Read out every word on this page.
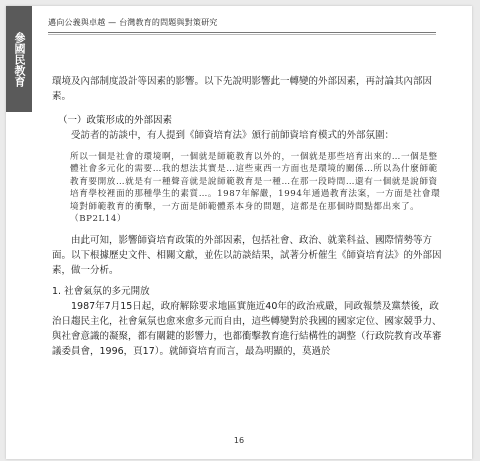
參國民教育
邁向公義與卓越 — 台灣教育的問題與對策研究

環境及內部制度設計等因素的影響。以下先說明影響此一轉變的外部因素，再討論其內部因素。

（一）政策形成的外部因素

受訪者的訪談中，有人提到《師資培育法》頒行前師資培育模式的外部氛圍：

所以一個是社會的環境啊，一個就是師範教育以外的，一個就是那些培育出來的…一個是整體社會多元化的需要…我的想法其實是…這些東西一方面也是環境的關係…所以為什麼師範教育要開放…就是有一種聲音就是說師範教育是一種…在那一段時間…還有一個就是說師資培育學校裡面的那種學生的素質…。1987年解嚴，1994年通過教育法案，一方面是社會環境對師範教育的衝擊，一方面是師範體系本身的問題，這都是在那個時間點都出來了。（BP2L14）

由此可知，影響師資培育政策的外部因素，包括社會、政治、就業科益、國際情勢等方面。以下根據歷史文件、相關文獻，並佐以訪談結果，試著分析催生《師資培育法》的外部因素，做一分析。

1. 社會氣氛的多元開放

1987年7月15日起，政府解除要求地區實施近40年的政治戒嚴，同政報禁及黨禁後，政治日趨民主化，社會氣氛也愈來愈多元而自由，這些轉變對於我國的國家定位、國家競爭力、與社會意識的凝聚，都有關鍵的影響力，也都衝擊教育進行結構性的調整（行政院教育改革審議委員會，1996，頁17）。就師資培育而言，最為明顯的，莫過於

16
